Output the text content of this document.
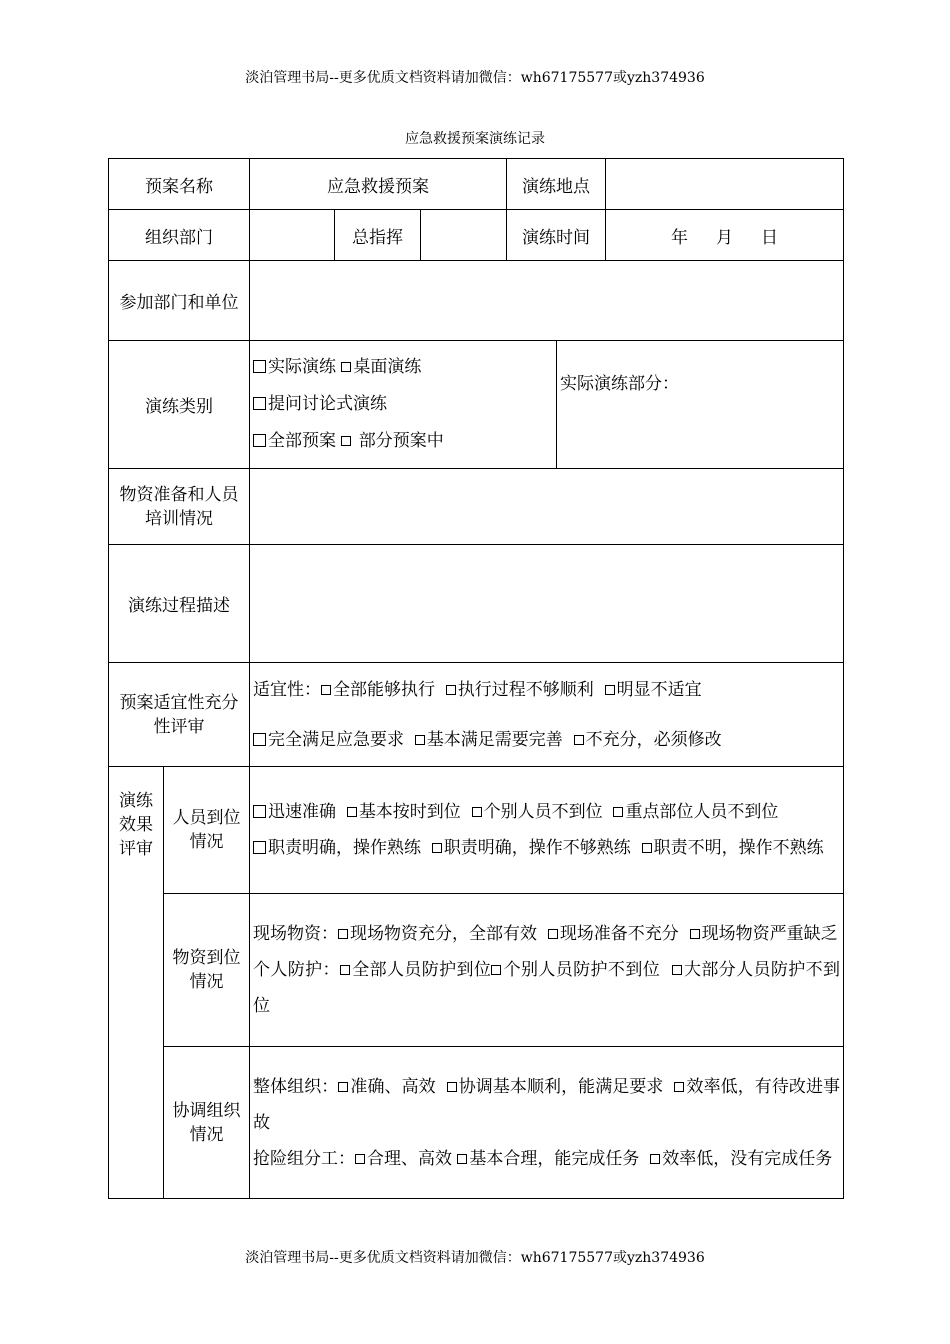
淡泊管理书局--更多优质文档资料请加微信：wh67175577或yzh374936
应急救援预案演练记录
预案名称		应急救援预案			演练地点		
组织部门			总指挥		演练时间		年 月 日
参加部门和单位							
演练类别		实际演练 桌面演练
提问讨论式演练
全部预案  部分预案中				实际演练部分：	
物资准备和人员培训情况							
演练过程描述							
预案适宜性充分性评审		适宜性： 全部能够执行 执行过程不够顺利 明显不适宜
完全满足应急要求 基本满足需要完善 不充分，必须修改					
演练效果评审	人员到位情况	迅速准确 基本按时到位 个别人员不到位 重点部位人员不到位
职责明确，操作熟练 职责明确，操作不够熟练 职责不明，操作不熟练					
	物资到位情况	现场物资： 现场物资充分，全部有效 现场准备不充分 现场物资严重缺乏
个人防护： 全部人员防护到位 个别人员防护不到位 大部分人员防护不到位					
	协调组织情况	整体组织： 准确、高效 协调基本顺利，能满足要求 效率低，有待改进事故
抢险组分工： 合理、高效 基本合理，能完成任务 效率低，没有完成任务					
淡泊管理书局--更多优质文档资料请加微信：wh67175577或yzh374936
